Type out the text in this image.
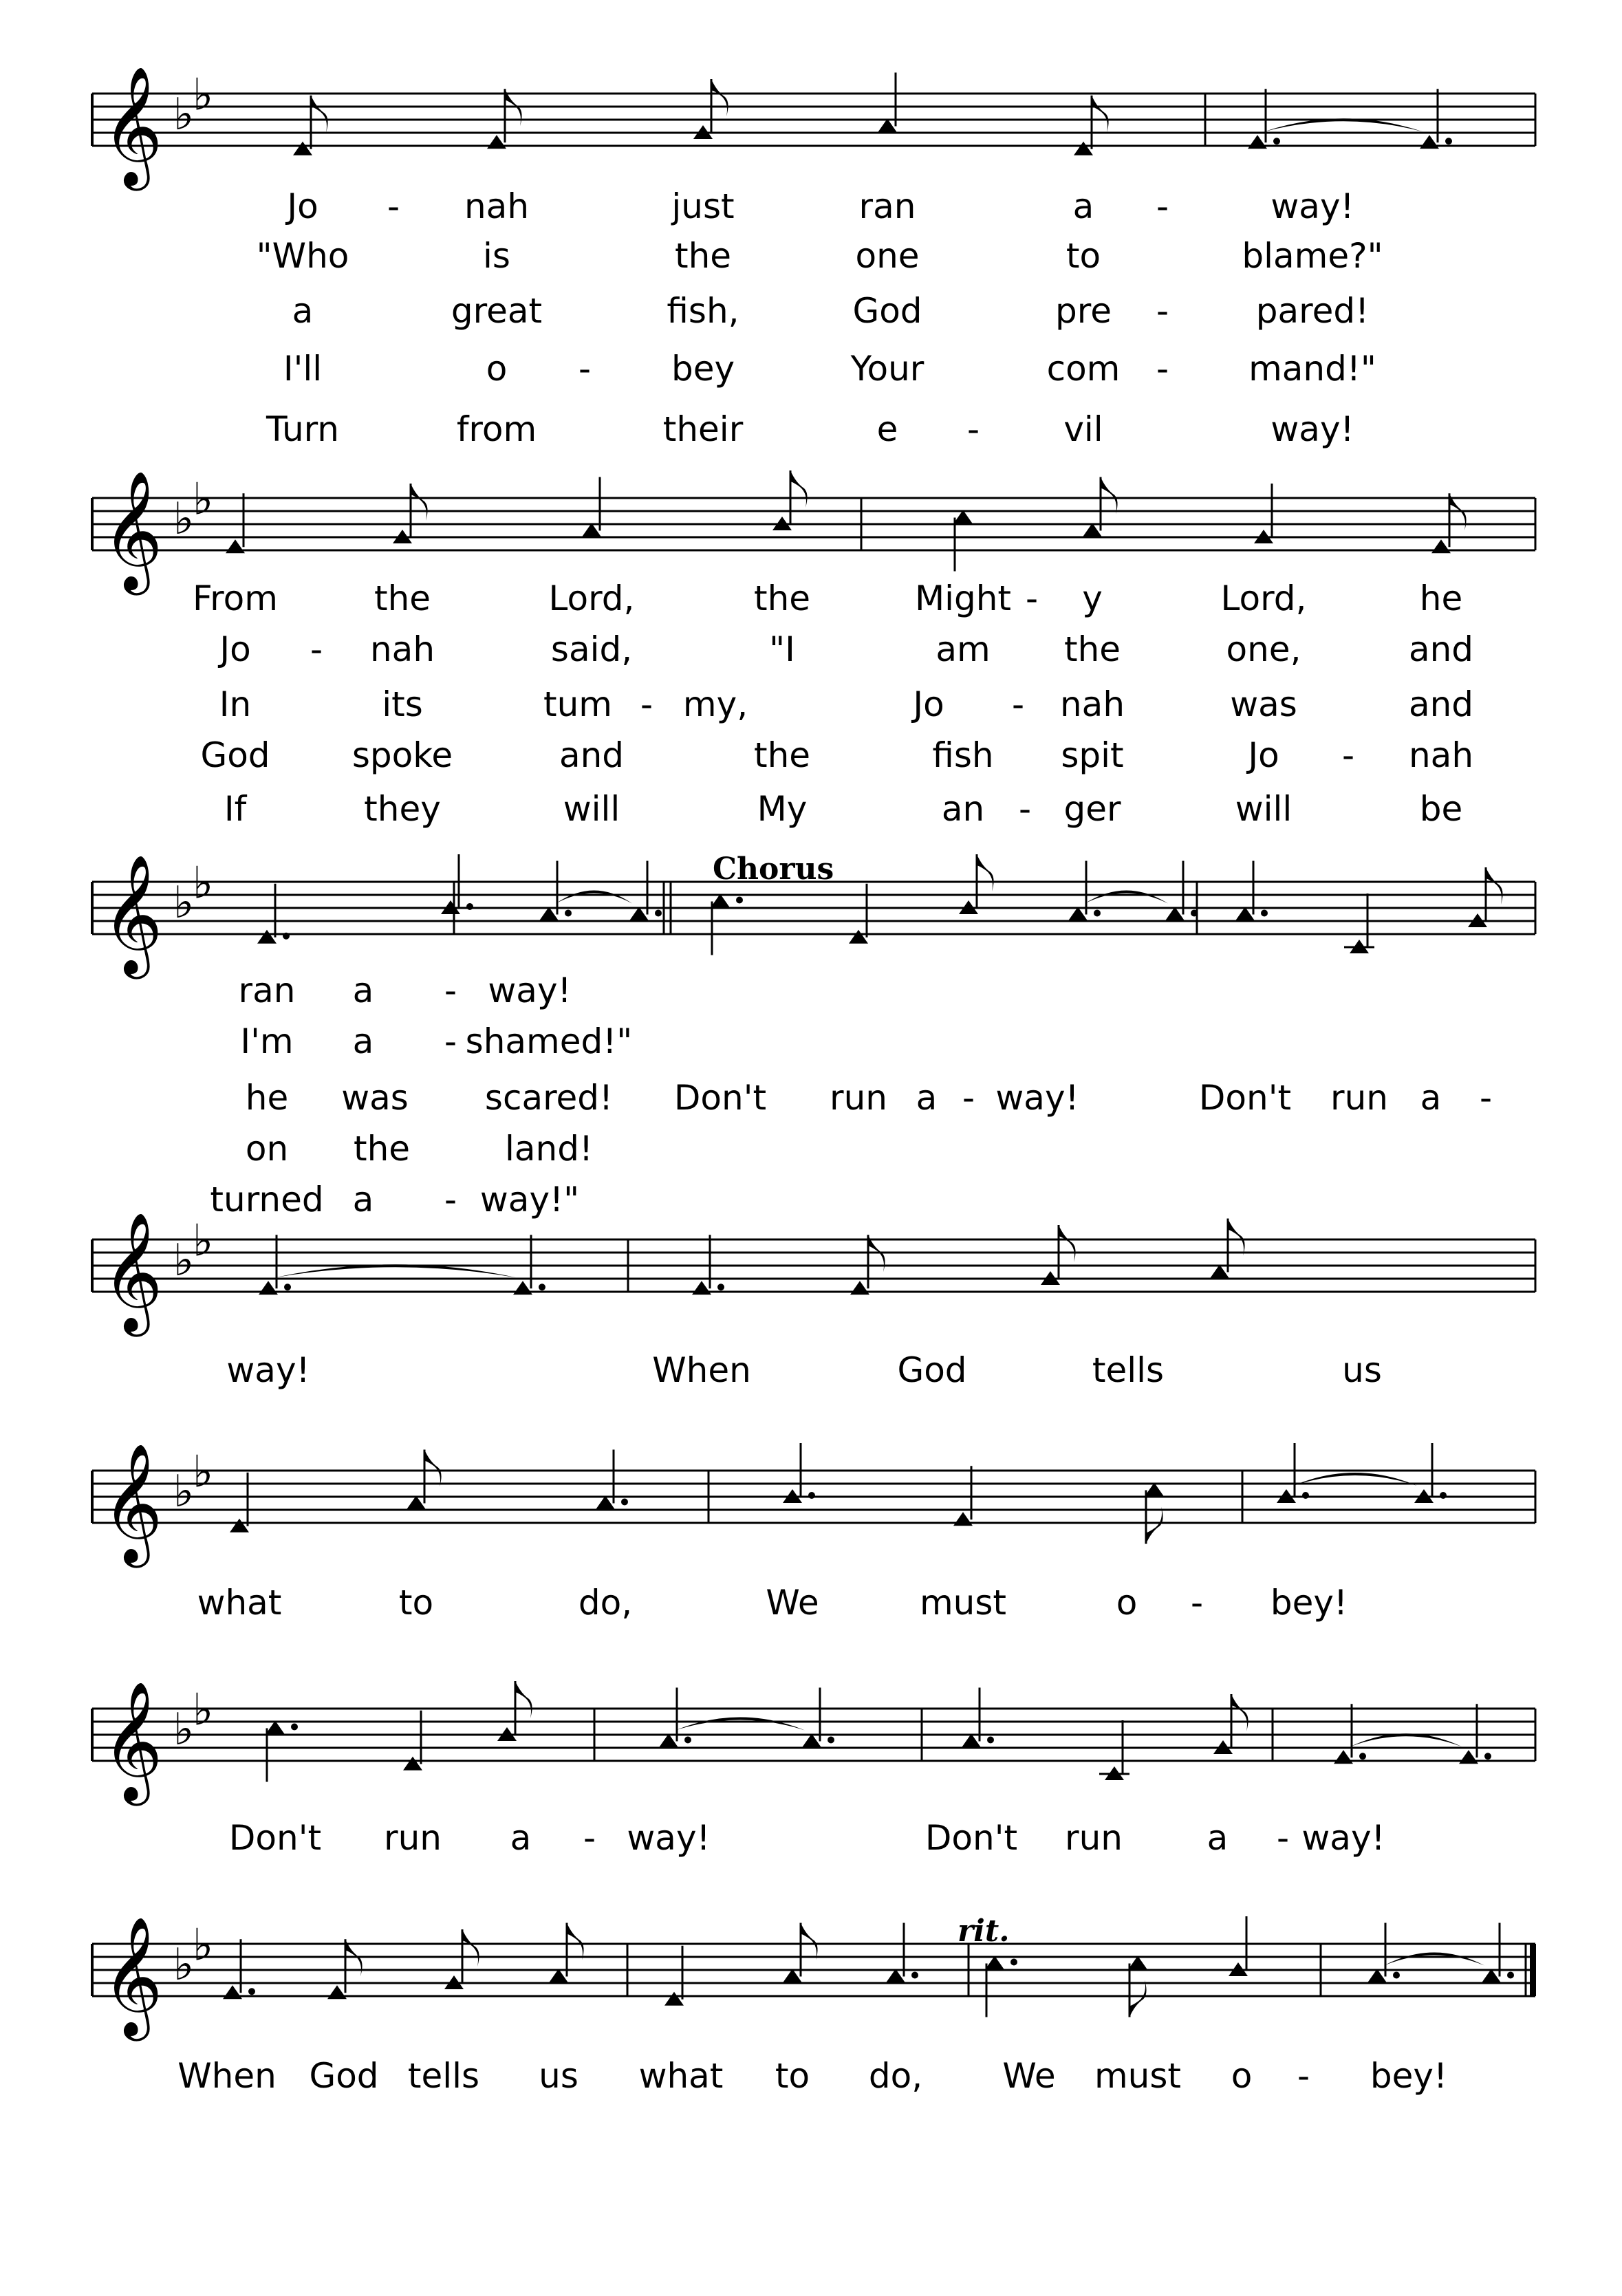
𝄞 ♭
♭
𝄞 ♭
♭
𝄞 ♭
♭
𝄞 ♭
♭
𝄞 ♭
♭
𝄞 ♭
♭
𝄞 ♭
♭
Jo - nah	just	ran	a -	way!
"Who	is	the	one	to	blame?"
a	great	fish,	God	pre -	pared!
I'll	o - bey	Your	com - mand!"
Turn	from	their	e - vil	way!
From	the	Lord,	the	Might - y	Lord,	he
Jo - nah	said,	"I	am the	one,	and
In	its	tum - my,	Jo - nah	was	and
God spoke	and	the	fish spit	Jo - nah
If	they	will	My	an - ger	will	be
ran a - way!
I'm a - shamed!"
he was scared! Don't run a - way!	Don't run a -
on the	land!
turned a - way!"
way!	When	God	tells	us
what	to	do,	We	must	o - bey!
Don't run a - way!	Don't run a - way!
When God tells us what to do, We must o - bey!
Chorus
rit.
